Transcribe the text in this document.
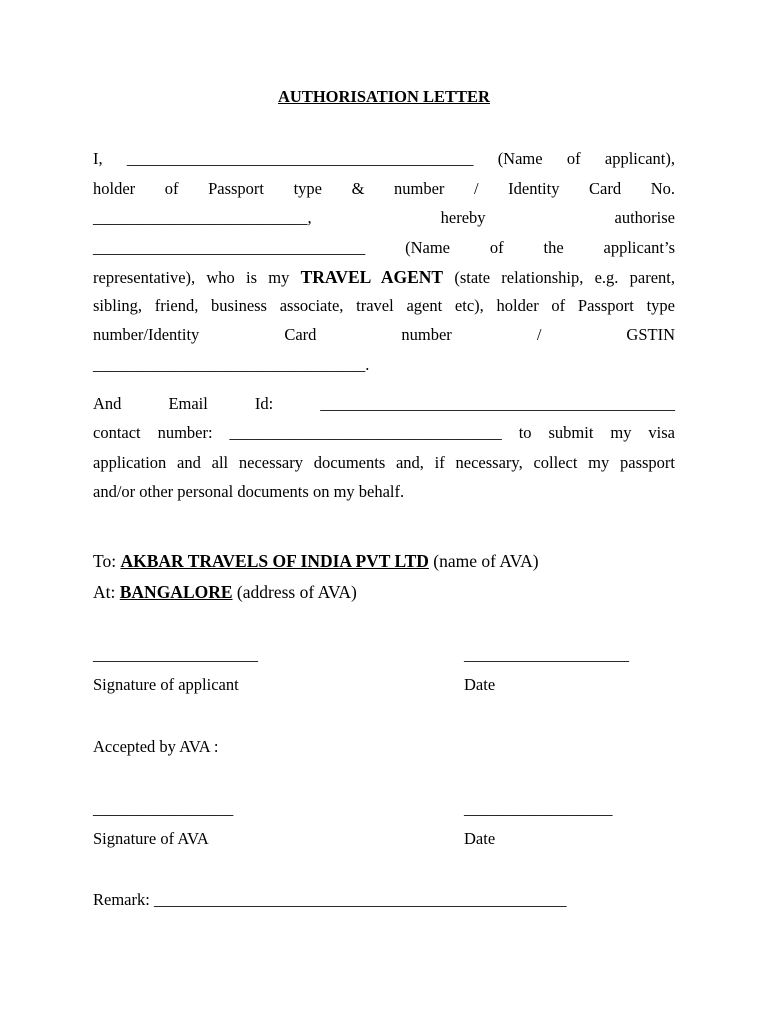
AUTHORISATION LETTER
I, __________________________________________ (Name of applicant),
holder of Passport type & number / Identity Card No.
__________________________, hereby authorise
_________________________________ (Name of the applicant’s
representative), who is my TRAVEL AGENT (state relationship, e.g. parent,
sibling, friend, business associate, travel agent etc), holder of Passport type
number/Identity Card number / GSTIN
_________________________________.
And Email Id: ___________________________________________
contact number: _________________________________ to submit my visa
application and all necessary documents and, if necessary, collect my passport
and/or other personal documents on my behalf.
To: AKBAR TRAVELS OF INDIA PVT LTD (name of AVA)
At: BANGALORE (address of AVA)
____________________	____________________
Signature of applicant	Date
Accepted by AVA :
_________________	__________________
Signature of AVA	Date
Remark: __________________________________________________
